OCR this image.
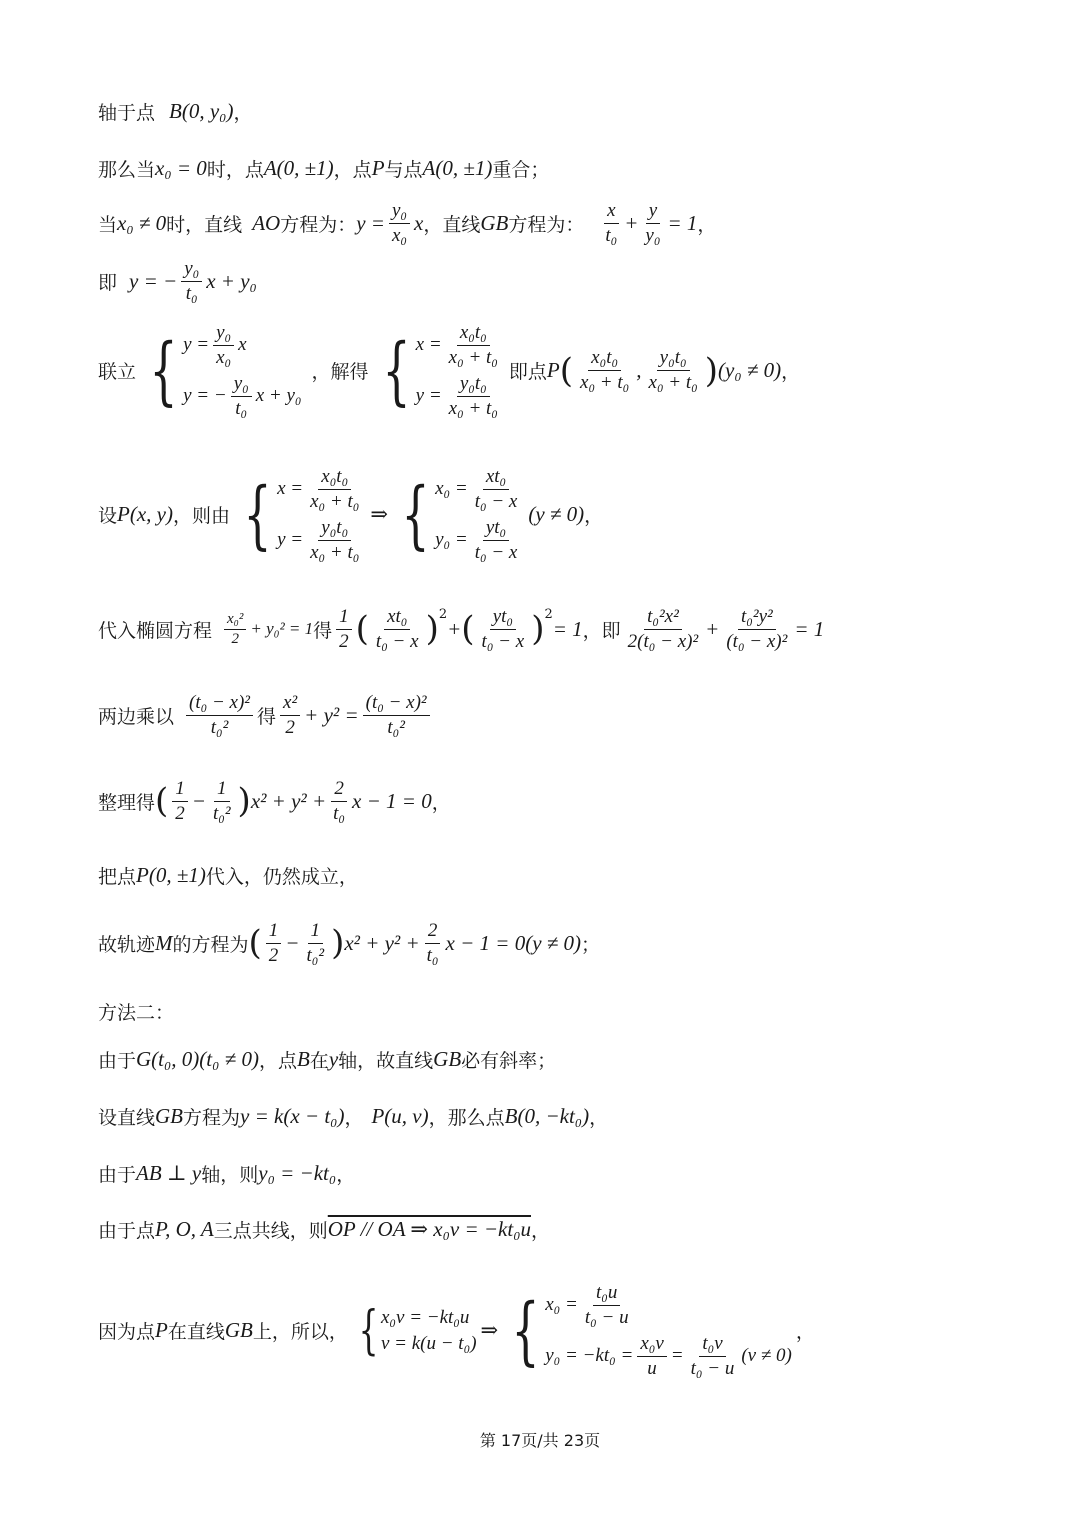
轴于点 B(0, y₀) ，
那么当 x₀ = 0 时，点 A(0, ±1) ，点 P 与点 A(0, ±1) 重合；
当 x₀ ≠ 0 时，直线 AO 方程为： $y = \frac{\text{y₀}}{\text{x₀}}$ x ，直线 GB 方程为： $\frac{x}{\text{t₀}} + \frac{y}{\text{y₀}} = 1$ ，
即 y = − $\frac{\text{y₀}}{\text{t₀}}$ x + y₀
联立 { $y = \frac{\text{y₀}}{\text{x₀}}$ x
y = − $\frac{\text{y₀}}{\text{t₀}}$ x + y₀
，解得 { $x = \frac{\text{x₀t₀}}{\text{x₀ + t₀}}$
$y = \frac{\text{y₀t₀}}{\text{x₀ + t₀}}$
即点 P ( $\frac{\text{x₀t₀}}{\text{x₀ + t₀}}$ , $\frac{\text{y₀t₀}}{\text{x₀ + t₀}}$ ) (y₀ ≠ 0) ，
设 P(x, y) ，则由 { $x = \frac{\text{x₀t₀}}{\text{x₀ + t₀}}$
$y = \frac{\text{y₀t₀}}{\text{x₀ + t₀}}$
⇒ { $x_0 = \frac{\text{xt₀}}{\text{t₀ − x}}$
$y_0 = \frac{\text{yt₀}}{\text{t₀ − x}}$
(y ≠ 0) ，
代入椭圆方程 $\frac{\text{x₀²}}{2} + y_0^2 = 1$ 得 $\frac{1}{2}$ ( $\frac{\text{xt₀}}{\text{t₀ − x}} )^2$
+ ( $\frac{\text{yt₀}}{\text{t₀ − x}} )^2$
= 1 ，即 $\frac{\text{t₀²x²}}{\text{2(t₀ − x)²}} + \frac{\text{t₀²y²}}{\text{(t₀ − x)²}} = 1$
两边乘以 $\frac{\text{(t₀ − x)²}}{\text{t₀²}}$ 得 $\frac{\text{x²}}{2} + y^2 = \frac{\text{(t₀ − x)²}}{\text{t₀²}}$
整理得 ( $\frac{1}{2} - \frac{1}{\text{t₀²}}$ ) $x^2 + y^2 + \frac{2}{\text{t₀}}$ x − 1 = 0 ，
把点 P(0, ±1) 代入，仍然成立，
故轨迹 M 的方程为 ( $\frac{1}{2} - \frac{1}{\text{t₀²}}$ ) $x^2 + y^2 + \frac{2}{\text{t₀}}$ x − 1 = 0(y ≠ 0) ；
方法二：
由于 G(t₀, 0)(t₀ ≠ 0) ，点 B 在 y 轴，故直线 GB 必有斜率；
设直线 GB 方程为 y = k(x − t₀) ， P(u, v) ，那么点 B(0, −kt₀) ，
由于 AB ⊥ y 轴，则 y₀ = −kt₀ ，
由于点 P, O, A 三点共线，则 OP // OA ⇒ x₀v = −kt₀u ，
因为点 P 在直线 GB 上，所以， { x₀v = −kt₀u
v = k(u − t₀)
⇒ { $x_0 = \frac{\text{t₀u}}{\text{t₀ − u}}$
$y_0 = -kt_0 = \frac{\text{x₀v}}{u} = \frac{\text{t₀v}}{\text{t₀ − u}} (v \ne 0)$
，
第 17页/共 23页
